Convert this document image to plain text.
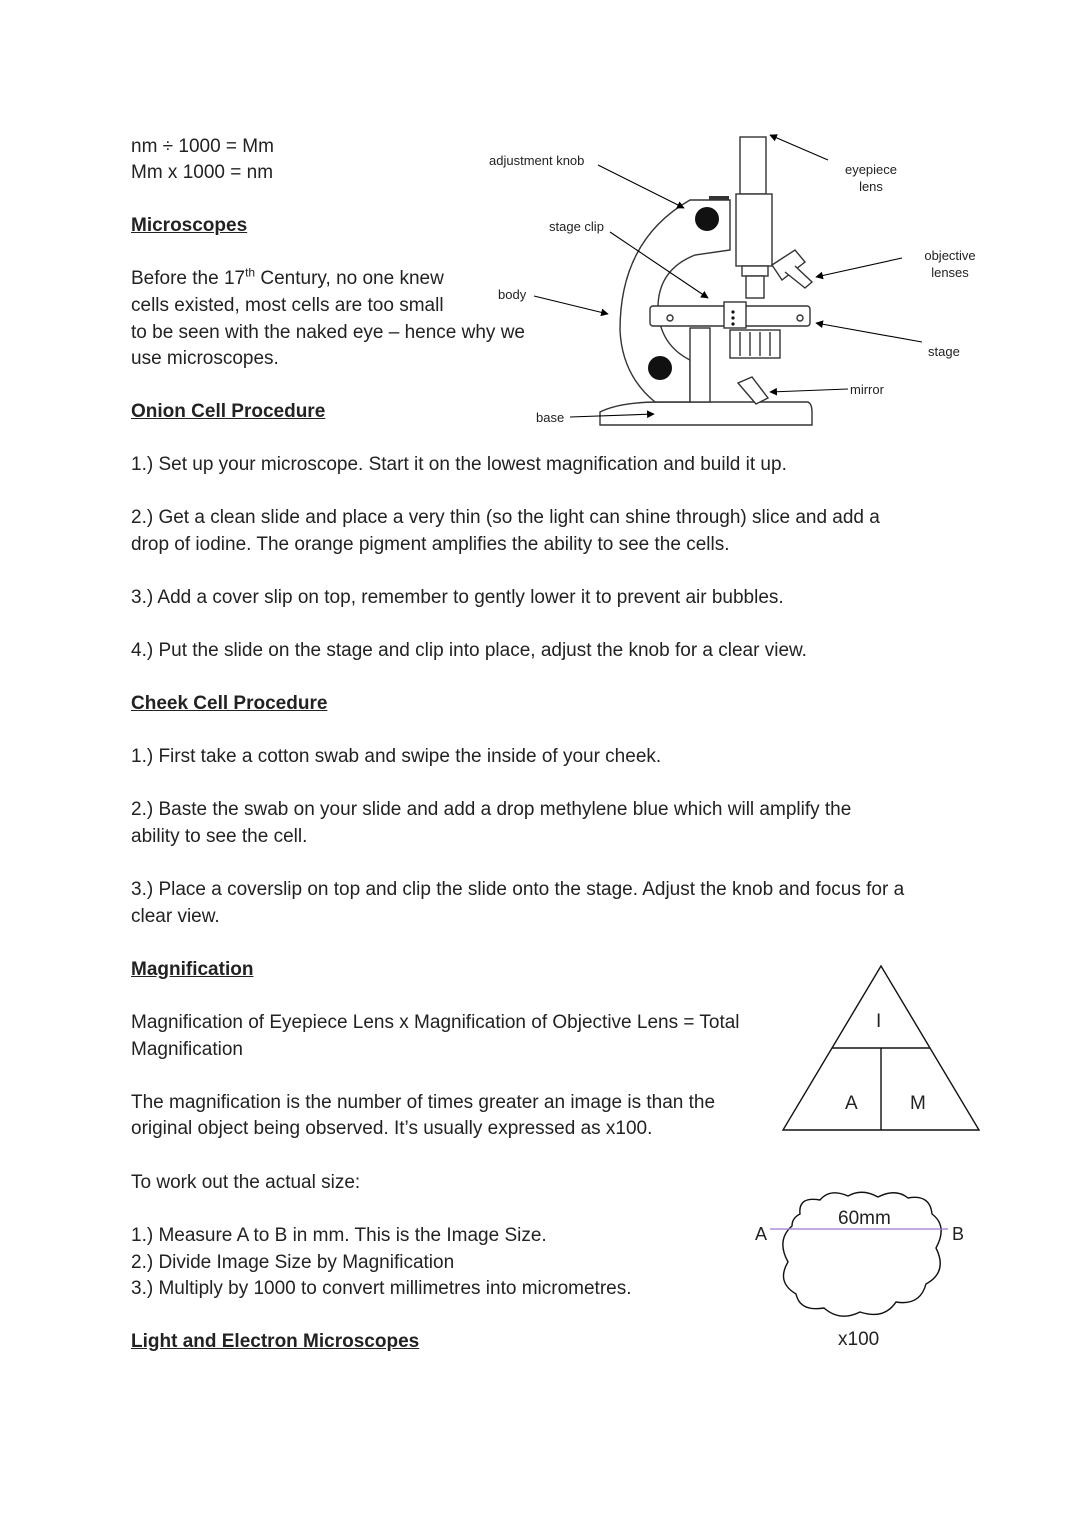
nm ÷ 1000 = Mm
Mm x 1000 = nm
Microscopes
Before the 17th Century, no one knew
cells existed, most cells are too small
to be seen with the naked eye – hence why we
use microscopes.
adjustment knob
stage clip
body
base
eyepiece
lens
objective
lenses
stage
mirror
Onion Cell Procedure
1.) Set up your microscope. Start it on the lowest magnification and build it up.
2.) Get a clean slide and place a very thin (so the light can shine through) slice and add a
drop of iodine. The orange pigment amplifies the ability to see the cells.
3.) Add a cover slip on top, remember to gently lower it to prevent air bubbles.
4.) Put the slide on the stage and clip into place, adjust the knob for a clear view.
Cheek Cell Procedure
1.) First take a cotton swab and swipe the inside of your cheek.
2.) Baste the swab on your slide and add a drop methylene blue which will amplify the
ability to see the cell.
3.) Place a coverslip on top and clip the slide onto the stage. Adjust the knob and focus for a
clear view.
Magnification
Magnification of Eyepiece Lens x Magnification of Objective Lens = Total
Magnification
The magnification is the number of times greater an image is than the
original object being observed. It’s usually expressed as x100.
To work out the actual size:
1.) Measure A to B in mm. This is the Image Size.
2.) Divide Image Size by Magnification
3.) Multiply by 1000 to convert millimetres into micrometres.
I
A	M
A	B
60mm
x100
Light and Electron Microscopes
